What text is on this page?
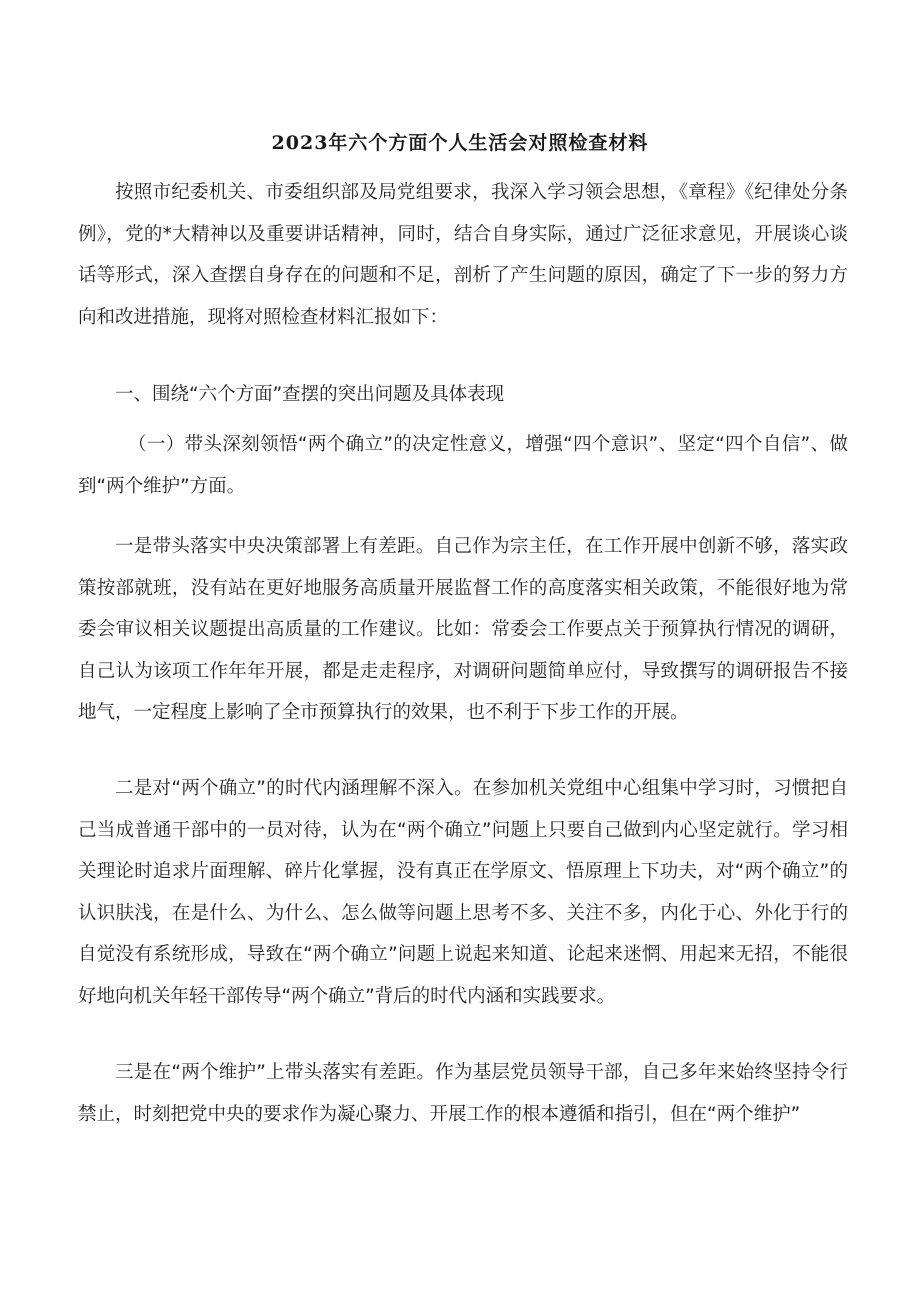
2023年六个方面个人生活会对照检查材料

按照市纪委机关、市委组织部及局党组要求，我深入学习领会思想，《章程》《纪律处分条例》，党的*大精神以及重要讲话精神，同时，结合自身实际，通过广泛征求意见，开展谈心谈话等形式，深入查摆自身存在的问题和不足，剖析了产生问题的原因，确定了下一步的努力方向和改进措施，现将对照检查材料汇报如下：

一、围绕“六个方面”查摆的突出问题及具体表现

（一）带头深刻领悟“两个确立”的决定性意义，增强“四个意识”、坚定“四个自信”、做到“两个维护”方面。

一是带头落实中央决策部署上有差距。自己作为宗主任，在工作开展中创新不够，落实政策按部就班，没有站在更好地服务高质量开展监督工作的高度落实相关政策，不能很好地为常委会审议相关议题提出高质量的工作建议。比如：常委会工作要点关于预算执行情况的调研，自己认为该项工作年年开展，都是走走程序，对调研问题简单应付，导致撰写的调研报告不接地气，一定程度上影响了全市预算执行的效果，也不利于下步工作的开展。

二是对“两个确立”的时代内涵理解不深入。在参加机关党组中心组集中学习时，习惯把自己当成普通干部中的一员对待，认为在“两个确立”问题上只要自己做到内心坚定就行。学习相关理论时追求片面理解、碎片化掌握，没有真正在学原文、悟原理上下功夫，对“两个确立”的认识肤浅，在是什么、为什么、怎么做等问题上思考不多、关注不多，内化于心、外化于行的自觉没有系统形成，导致在“两个确立”问题上说起来知道、论起来迷惘、用起来无招，不能很好地向机关年轻干部传导“两个确立”背后的时代内涵和实践要求。

三是在“两个维护”上带头落实有差距。作为基层党员领导干部，自己多年来始终坚持令行禁止，时刻把党中央的要求作为凝心聚力、开展工作的根本遵循和指引，但在“两个维护”
